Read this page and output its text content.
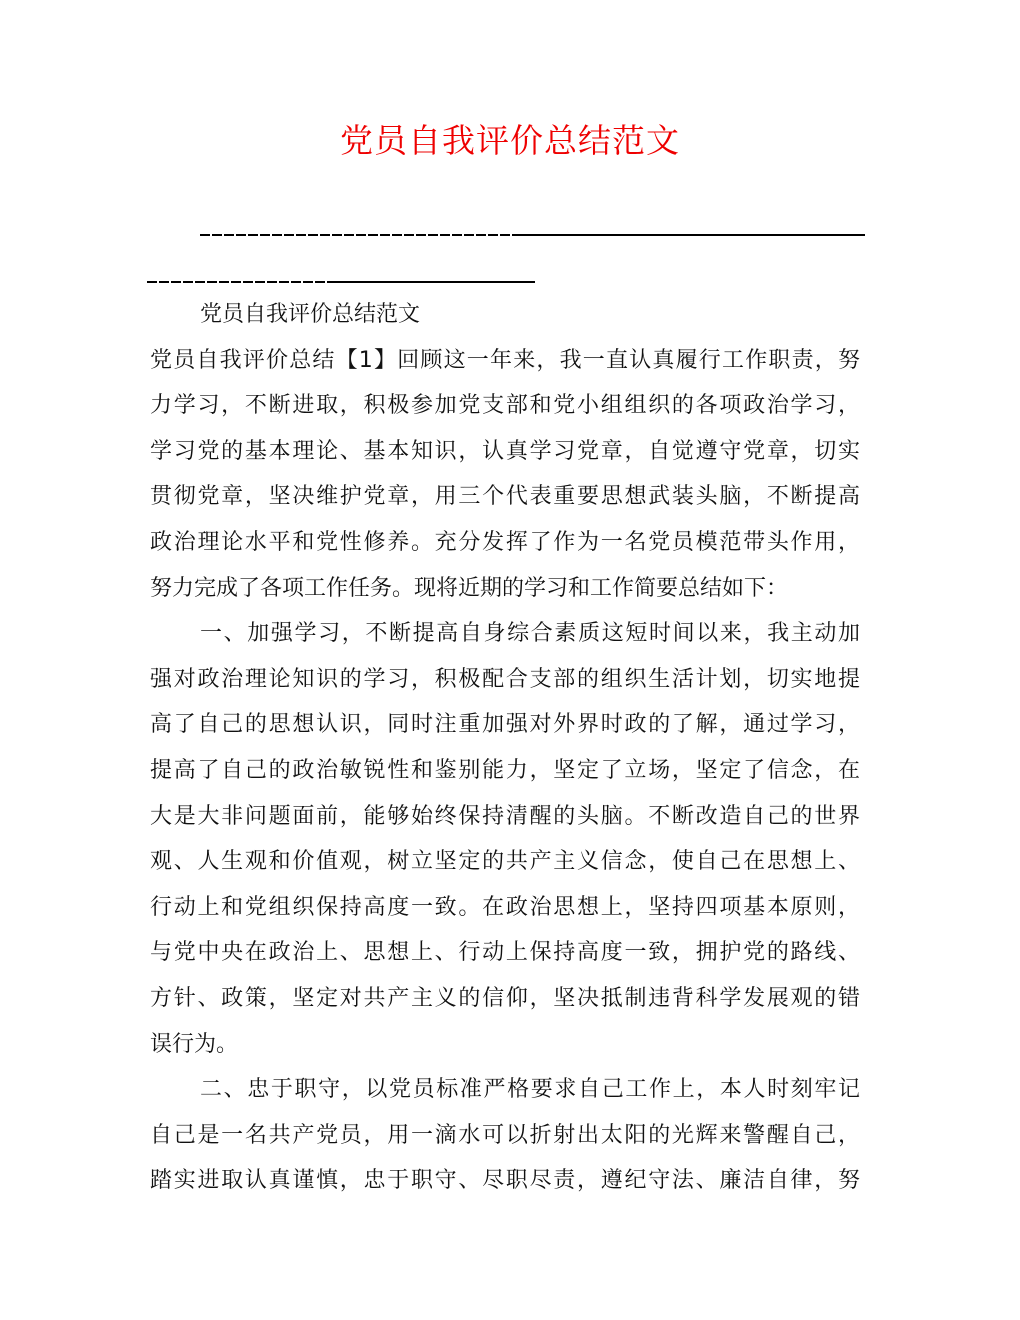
党员自我评价总结范文
党员自我评价总结范文
党员自我评价总结【1】回顾这一年来，我一直认真履行工作职责，努
力学习，不断进取，积极参加党支部和党小组组织的各项政治学习，
学习党的基本理论、基本知识，认真学习党章，自觉遵守党章，切实
贯彻党章，坚决维护党章，用三个代表重要思想武装头脑，不断提高
政治理论水平和党性修养。充分发挥了作为一名党员模范带头作用，
努力完成了各项工作任务。现将近期的学习和工作简要总结如下：
一、加强学习，不断提高自身综合素质这短时间以来，我主动加
强对政治理论知识的学习，积极配合支部的组织生活计划，切实地提
高了自己的思想认识，同时注重加强对外界时政的了解，通过学习，
提高了自己的政治敏锐性和鉴别能力，坚定了立场，坚定了信念，在
大是大非问题面前，能够始终保持清醒的头脑。不断改造自己的世界
观、人生观和价值观，树立坚定的共产主义信念，使自己在思想上、
行动上和党组织保持高度一致。在政治思想上，坚持四项基本原则，
与党中央在政治上、思想上、行动上保持高度一致，拥护党的路线、
方针、政策，坚定对共产主义的信仰，坚决抵制违背科学发展观的错
误行为。
二、忠于职守，以党员标准严格要求自己工作上，本人时刻牢记
自己是一名共产党员，用一滴水可以折射出太阳的光辉来警醒自己，
踏实进取认真谨慎，忠于职守、尽职尽责，遵纪守法、廉洁自律，努
